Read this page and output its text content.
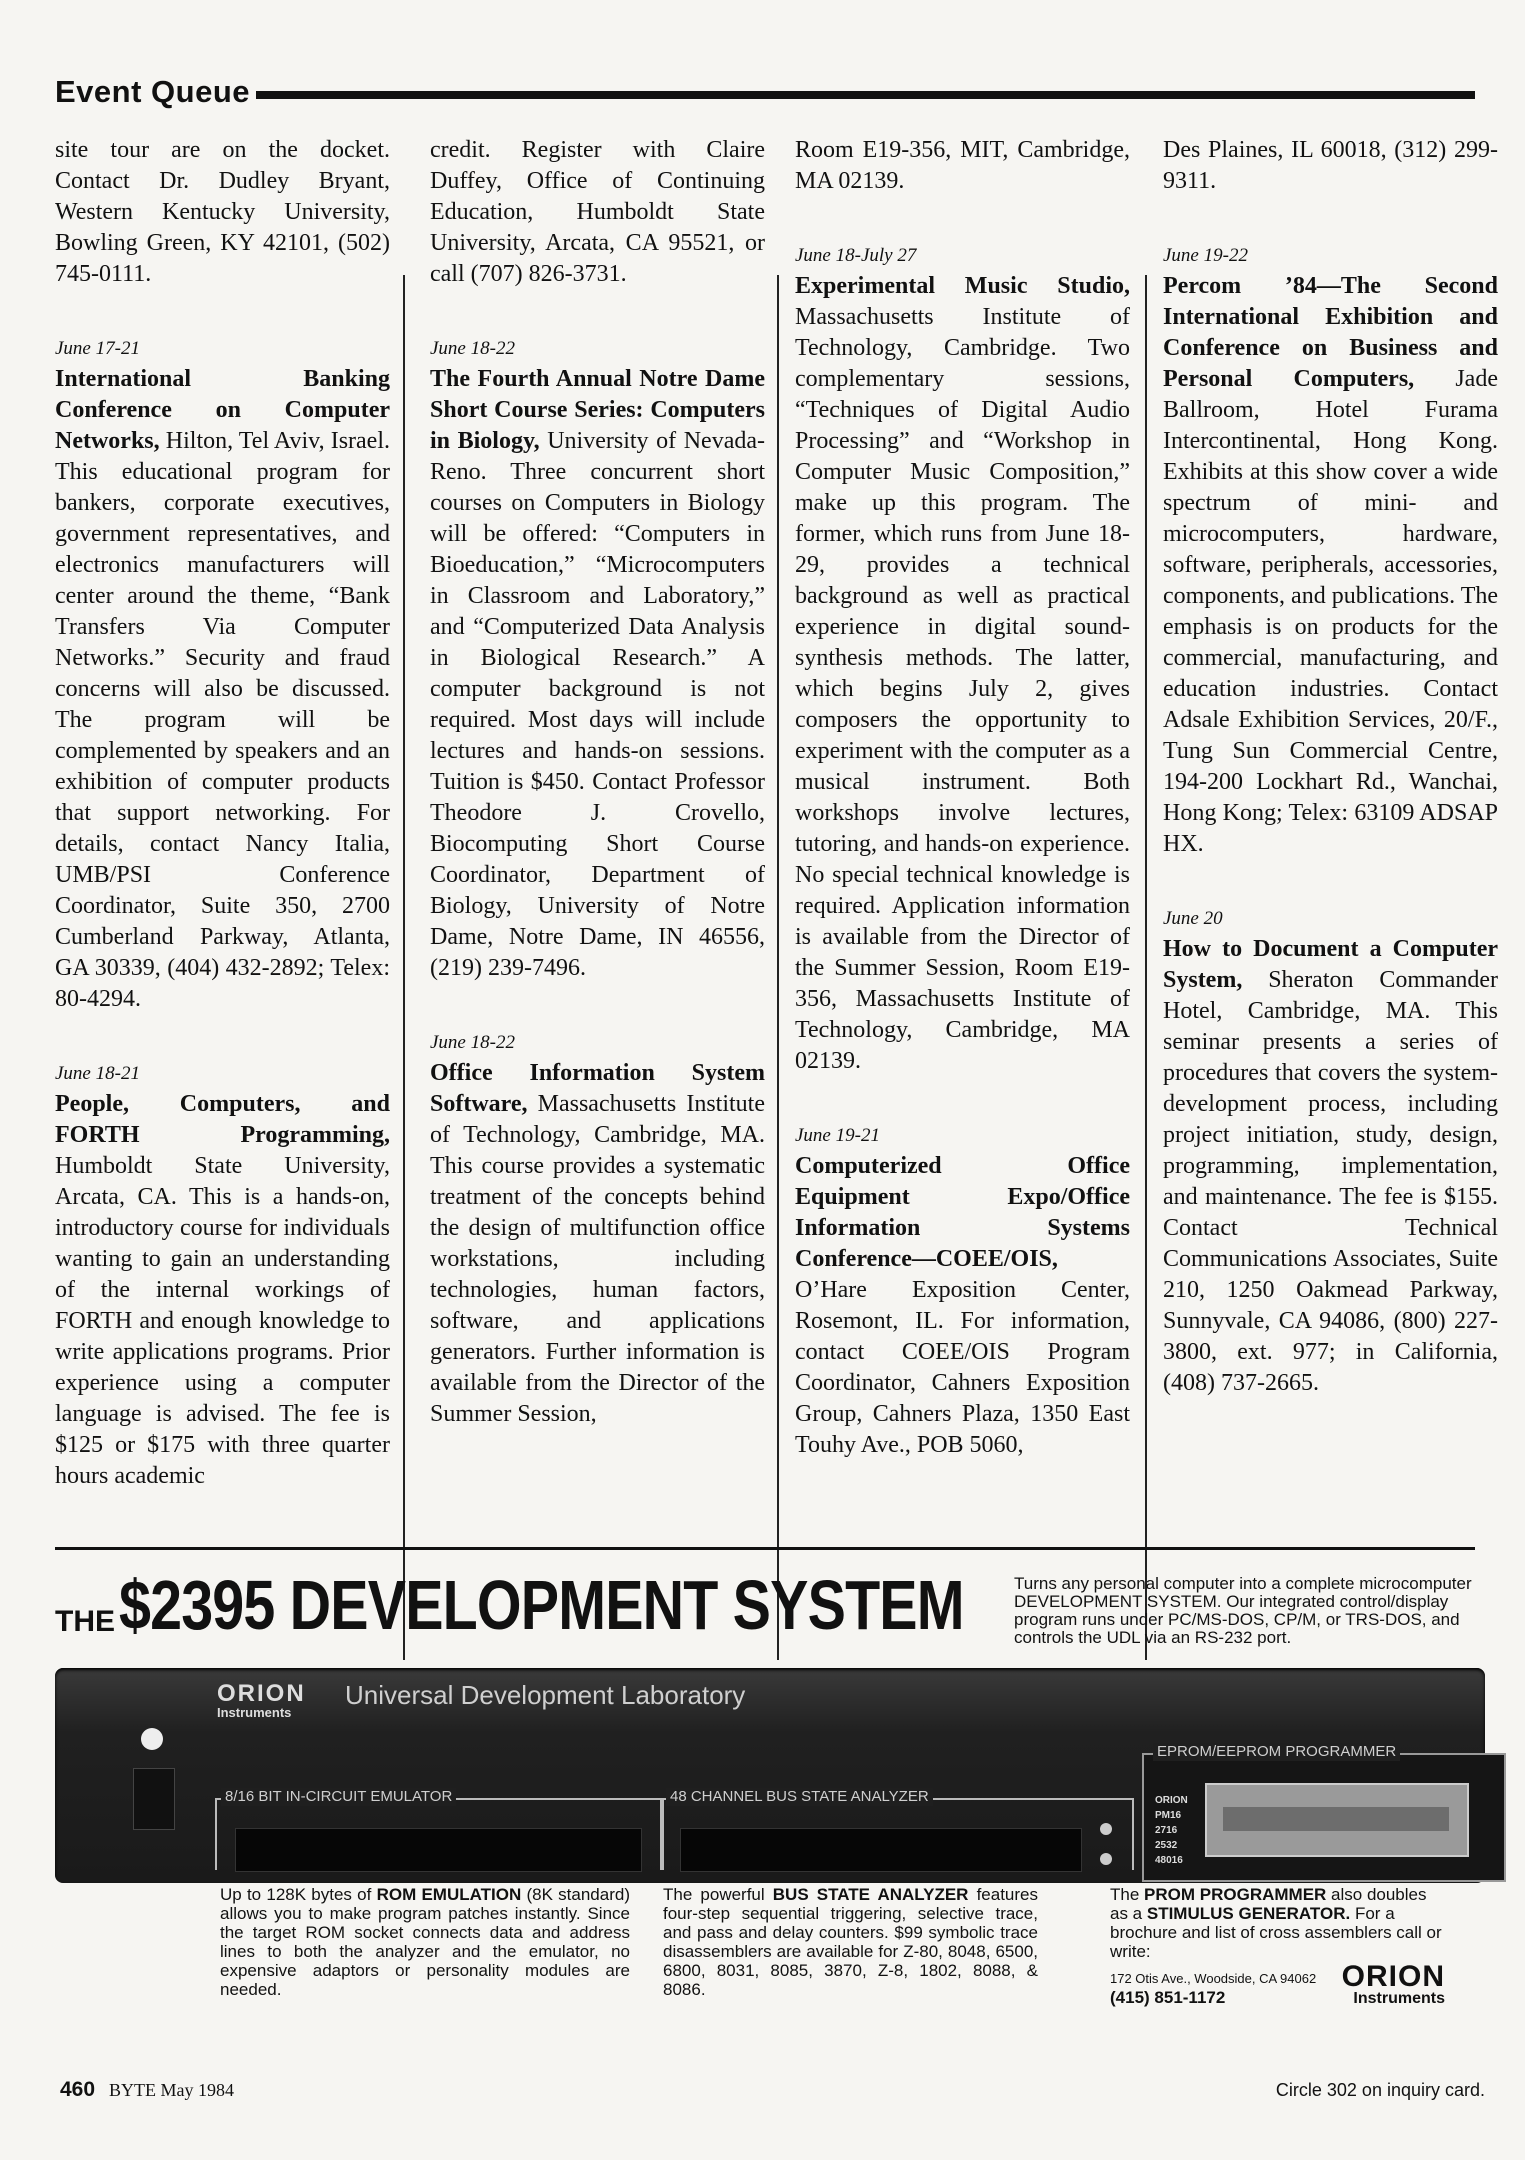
Event Queue

site tour are on the docket. Contact Dr. Dudley Bryant, Western Kentucky University, Bowling Green, KY 42101, (502) 745-0111.

June 17-21

International Banking Conference on Computer Networks, Hilton, Tel Aviv, Israel. This educational program for bankers, corporate executives, government representatives, and electronics manufacturers will center around the theme, “Bank Transfers Via Computer Networks.” Security and fraud concerns will also be discussed. The program will be complemented by speakers and an exhibition of computer products that support networking. For details, contact Nancy Italia, UMB/PSI Conference Coordinator, Suite 350, 2700 Cumberland Parkway, Atlanta, GA 30339, (404) 432-2892; Telex: 80-4294.

June 18-21

People, Computers, and FORTH Programming, Humboldt State University, Arcata, CA. This is a hands-on, introductory course for individuals wanting to gain an understanding of the internal workings of FORTH and enough knowledge to write applications programs. Prior experience using a computer language is advised. The fee is $125 or $175 with three quarter hours academic

credit. Register with Claire Duffey, Office of Continuing Education, Humboldt State University, Arcata, CA 95521, or call (707) 826-3731.

June 18-22

The Fourth Annual Notre Dame Short Course Series: Computers in Biology, University of Nevada-Reno. Three concurrent short courses on Computers in Biology will be offered: “Computers in Bioeducation,” “Microcomputers in Classroom and Laboratory,” and “Computerized Data Analysis in Biological Research.” A computer background is not required. Most days will include lectures and hands-on sessions. Tuition is $450. Contact Professor Theodore J. Crovello, Biocomputing Short Course Coordinator, Department of Biology, University of Notre Dame, Notre Dame, IN 46556, (219) 239-7496.

June 18-22

Office Information System Software, Massachusetts Institute of Technology, Cambridge, MA. This course provides a systematic treatment of the concepts behind the design of multifunction office workstations, including technologies, human factors, software, and applications generators. Further information is available from the Director of the Summer Session,

Room E19-356, MIT, Cambridge, MA 02139.

June 18-July 27

Experimental Music Studio, Massachusetts Institute of Technology, Cambridge. Two complementary sessions, “Techniques of Digital Audio Processing” and “Workshop in Computer Music Composition,” make up this program. The former, which runs from June 18-29, provides a technical background as well as practical experience in digital sound-synthesis methods. The latter, which begins July 2, gives composers the opportunity to experiment with the computer as a musical instrument. Both workshops involve lectures, tutoring, and hands-on experience. No special technical knowledge is required. Application information is available from the Director of the Summer Session, Room E19-356, Massachusetts Institute of Technology, Cambridge, MA 02139.

June 19-21

Computerized Office Equipment Expo/Office Information Systems Conference—COEE/OIS, O’Hare Exposition Center, Rosemont, IL. For information, contact COEE/OIS Program Coordinator, Cahners Exposition Group, Cahners Plaza, 1350 East Touhy Ave., POB 5060,

Des Plaines, IL 60018, (312) 299-9311.

June 19-22

Percom ’84—The Second International Exhibition and Conference on Business and Personal Computers, Jade Ballroom, Hotel Furama Intercontinental, Hong Kong. Exhibits at this show cover a wide spectrum of mini- and microcomputers, hardware, software, peripherals, accessories, components, and publications. The emphasis is on products for the commercial, manufacturing, and education industries. Contact Adsale Exhibition Services, 20/F., Tung Sun Commercial Centre, 194-200 Lockhart Rd., Wanchai, Hong Kong; Telex: 63109 ADSAP HX.

June 20

How to Document a Computer System, Sheraton Commander Hotel, Cambridge, MA. This seminar presents a series of procedures that covers the system-development process, including project initiation, study, design, programming, implementation, and maintenance. The fee is $155. Contact Technical Communications Associates, Suite 210, 1250 Oakmead Parkway, Sunnyvale, CA 94086, (800) 227-3800, ext. 977; in California, (408) 737-2665.

THE $2395 DEVELOPMENT SYSTEM	Turns any personal computer into a complete microcomputer DEVELOPMENT SYSTEM. Our integrated control/display program runs under PC/MS-DOS, CP/M, or TRS-DOS, and controls the UDL via an RS-232 port.
ORION
Instruments
Universal Development Laboratory
8/16 BIT IN-CIRCUIT EMULATOR	48 CHANNEL BUS STATE ANALYZER
EPROM/EEPROM PROGRAMMER
ORION
PM16
2716
2532
48016
Up to 128K bytes of ROM EMULATION (8K standard) allows you to make program patches instantly. Since the target ROM socket connects data and address lines to both the analyzer and the emulator, no expensive adaptors or personality modules are needed.
The powerful BUS STATE ANALYZER features four-step sequential triggering, selective trace, and pass and delay counters. $99 symbolic trace disassemblers are available for Z-80, 8048, 6500, 6800, 8031, 8085, 3870, Z-8, 1802, 8088, & 8086.
The PROM PROGRAMMER also doubles as a STIMULUS GENERATOR. For a brochure and list of cross assemblers call or write:
172 Otis Ave., Woodside, CA 94062
(415) 851-1172
ORION
Instruments
460 BYTE May 1984	Circle 302 on inquiry card.
